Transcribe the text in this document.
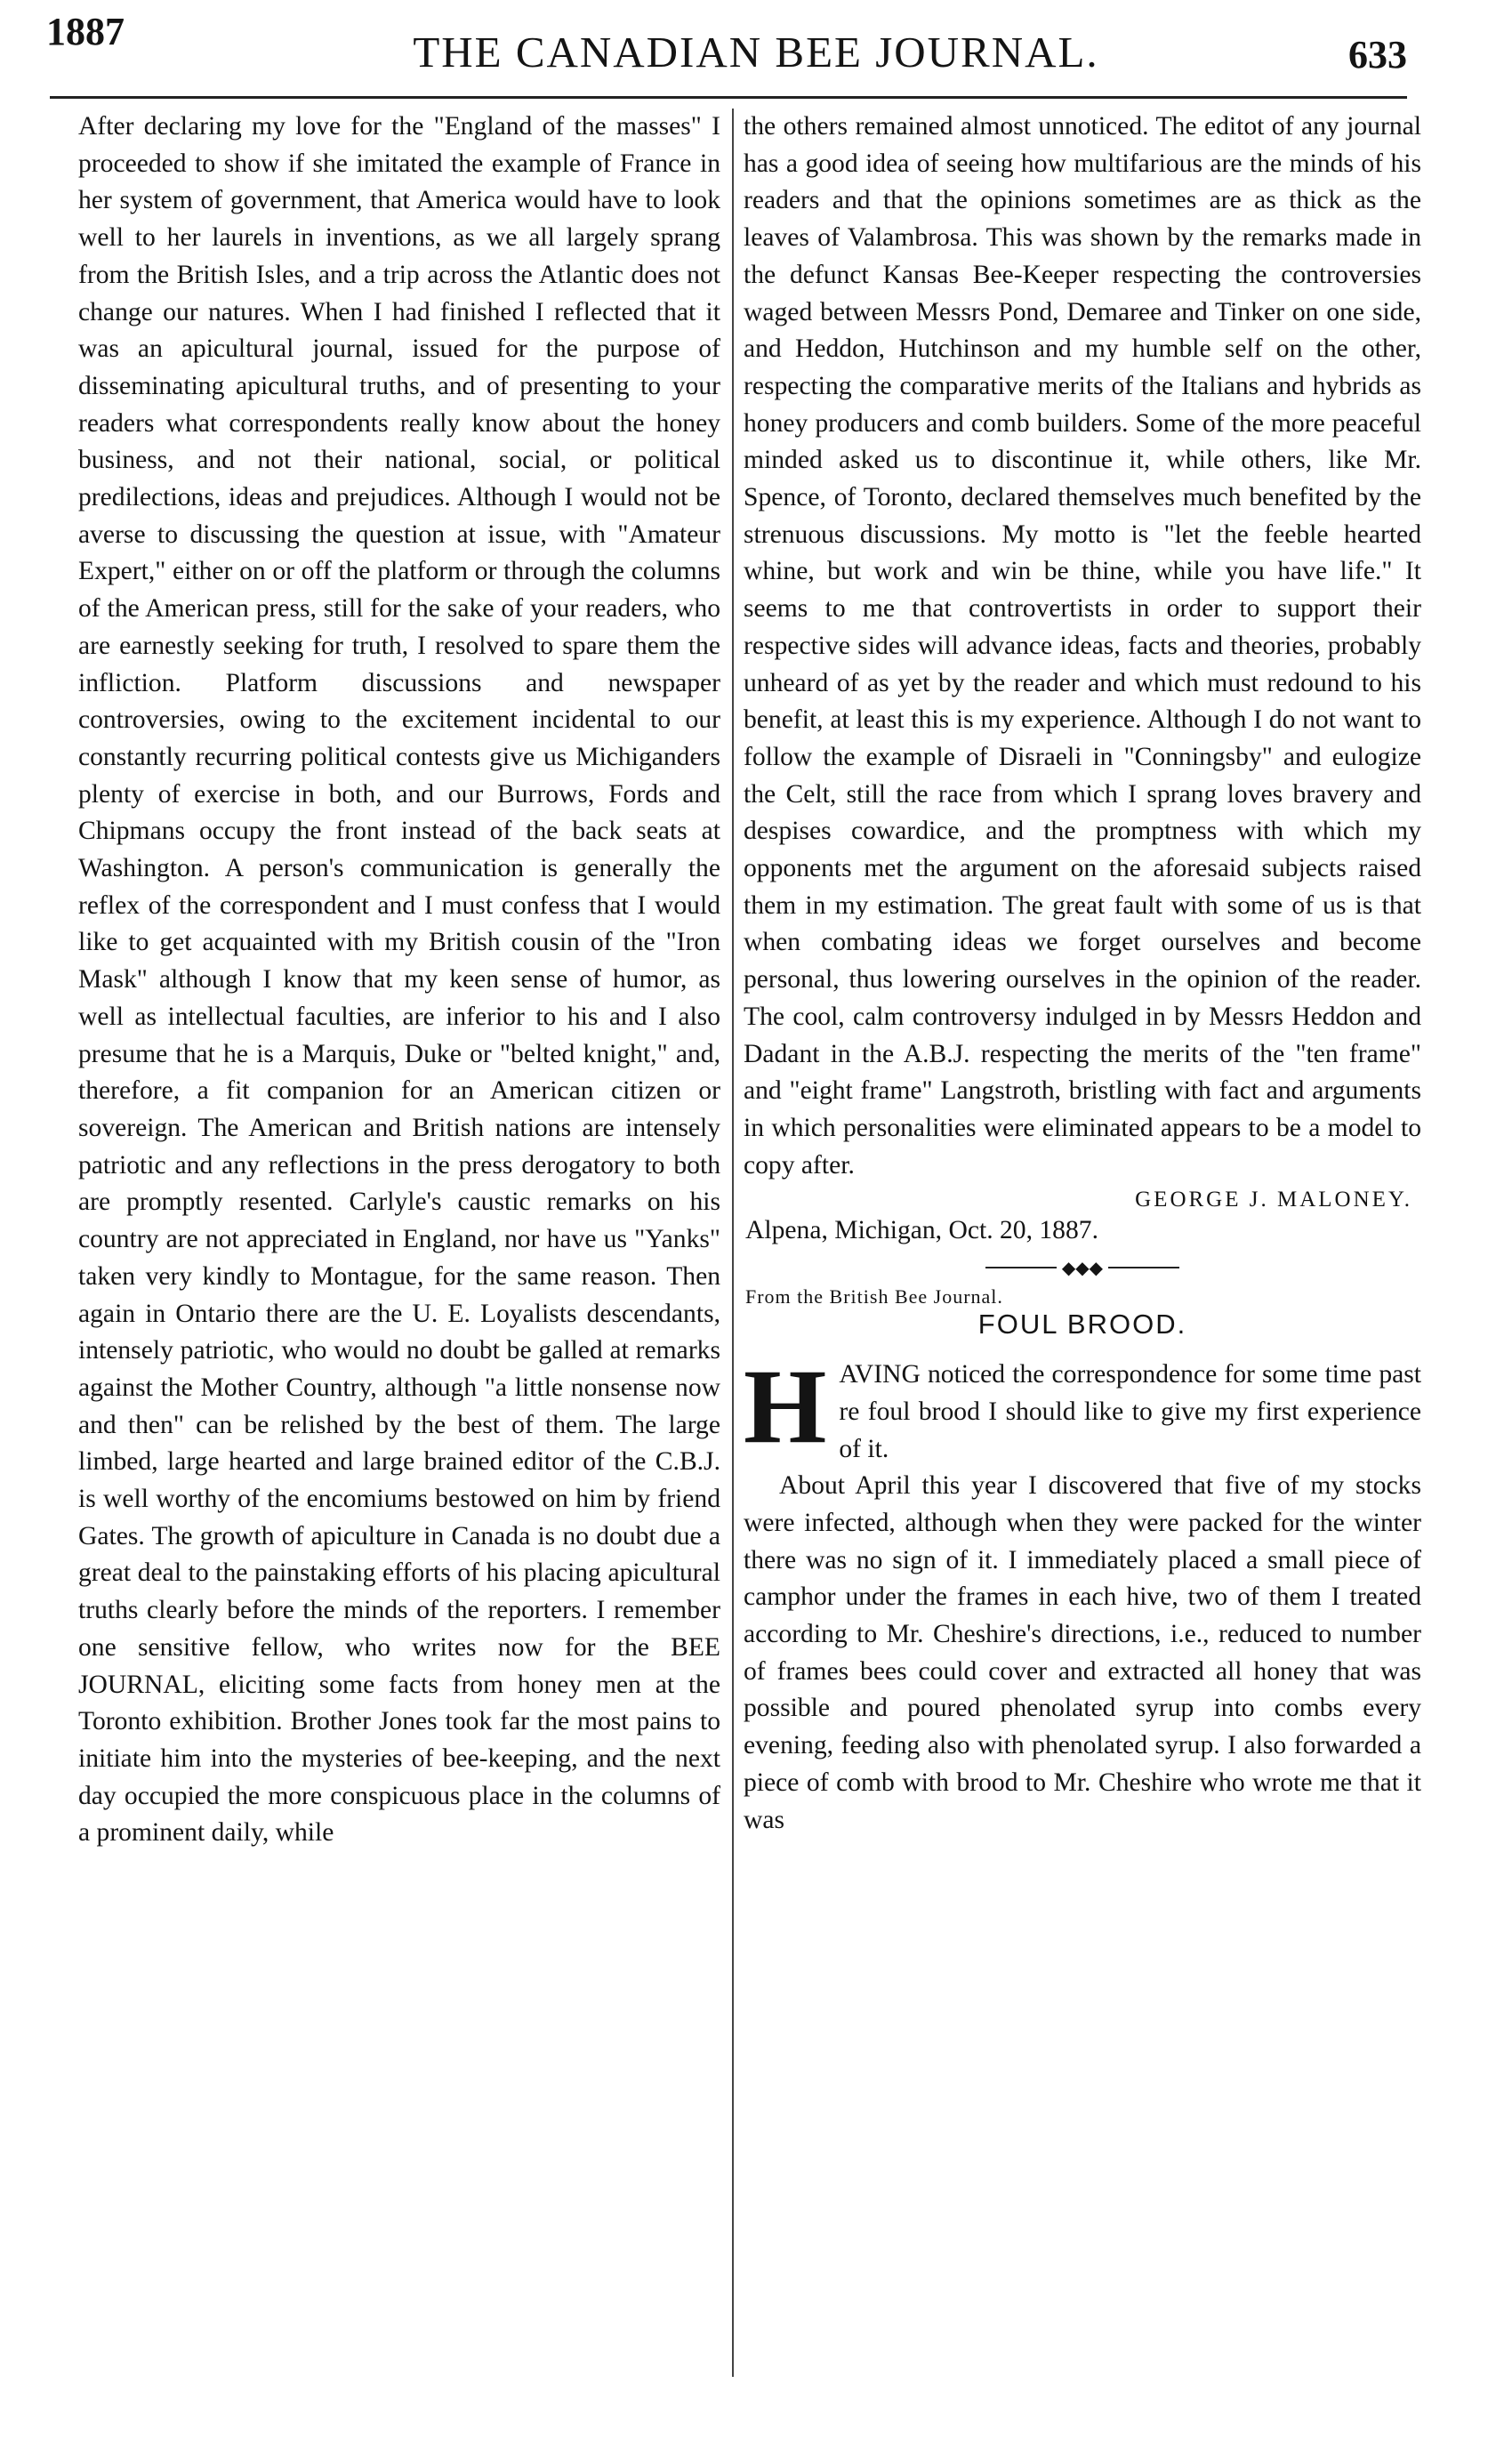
1887	THE CANADIAN BEE JOURNAL.	633

After declaring my love for the "England of the masses" I proceeded to show if she imitated the example of France in her system of government, that America would have to look well to her laurels in inventions, as we all largely sprang from the British Isles, and a trip across the Atlantic does not change our natures. When I had finished I reflected that it was an apicultural journal, issued for the purpose of disseminating apicultural truths, and of presenting to your readers what correspondents really know about the honey business, and not their national, social, or political predilections, ideas and prejudices. Although I would not be averse to discussing the question at issue, with "Amateur Expert," either on or off the platform or through the columns of the American press, still for the sake of your readers, who are earnestly seeking for truth, I resolved to spare them the infliction. Platform discussions and newspaper controversies, owing to the excitement incidental to our constantly recurring political contests give us Michiganders plenty of exercise in both, and our Burrows, Fords and Chipmans occupy the front instead of the back seats at Washington. A person's communication is generally the reflex of the correspondent and I must confess that I would like to get acquainted with my British cousin of the "Iron Mask" although I know that my keen sense of humor, as well as intellectual faculties, are inferior to his and I also presume that he is a Marquis, Duke or "belted knight," and, therefore, a fit companion for an American citizen or sovereign. The American and British nations are intensely patriotic and any reflections in the press derogatory to both are promptly resented. Carlyle's caustic remarks on his country are not appreciated in England, nor have us "Yanks" taken very kindly to Montague, for the same reason. Then again in Ontario there are the U. E. Loyalists descendants, intensely patriotic, who would no doubt be galled at remarks against the Mother Country, although "a little nonsense now and then" can be relished by the best of them. The large limbed, large hearted and large brained editor of the C.B.J. is well worthy of the encomiums bestowed on him by friend Gates. The growth of apiculture in Canada is no doubt due a great deal to the painstaking efforts of his placing apicultural truths clearly before the minds of the reporters. I remember one sensitive fellow, who writes now for the BEE JOURNAL, eliciting some facts from honey men at the Toronto exhibition. Brother Jones took far the most pains to initiate him into the mysteries of bee-keeping, and the next day occupied the more conspicuous place in the columns of a prominent daily, while

the others remained almost unnoticed. The editot of any journal has a good idea of seeing how multifarious are the minds of his readers and that the opinions sometimes are as thick as the leaves of Valambrosa. This was shown by the remarks made in the defunct Kansas Bee-Keeper respecting the controversies waged between Messrs Pond, Demaree and Tinker on one side, and Heddon, Hutchinson and my humble self on the other, respecting the comparative merits of the Italians and hybrids as honey producers and comb builders. Some of the more peaceful minded asked us to discontinue it, while others, like Mr. Spence, of Toronto, declared themselves much benefited by the strenuous discussions. My motto is "let the feeble hearted whine, but work and win be thine, while you have life." It seems to me that controvertists in order to support their respective sides will advance ideas, facts and theories, probably unheard of as yet by the reader and which must redound to his benefit, at least this is my experience. Although I do not want to follow the example of Disraeli in "Conningsby" and eulogize the Celt, still the race from which I sprang loves bravery and despises cowardice, and the promptness with which my opponents met the argument on the aforesaid subjects raised them in my estimation. The great fault with some of us is that when combating ideas we forget ourselves and become personal, thus lowering ourselves in the opinion of the reader. The cool, calm controversy indulged in by Messrs Heddon and Dadant in the A.B.J. respecting the merits of the "ten frame" and "eight frame" Langstroth, bristling with fact and arguments in which personalities were eliminated appears to be a model to copy after.

GEORGE J. MALONEY.
Alpena, Michigan, Oct. 20, 1887.
◆◆◆
From the British Bee Journal.
FOUL BROOD.

HAVING noticed the correspondence for some time past re foul brood I should like to give my first experience of it.

About April this year I discovered that five of my stocks were infected, although when they were packed for the winter there was no sign of it. I immediately placed a small piece of camphor under the frames in each hive, two of them I treated according to Mr. Cheshire's directions, i.e., reduced to number of frames bees could cover and extracted all honey that was possible and poured phenolated syrup into combs every evening, feeding also with phenolated syrup. I also forwarded a piece of comb with brood to Mr. Cheshire who wrote me that it was
